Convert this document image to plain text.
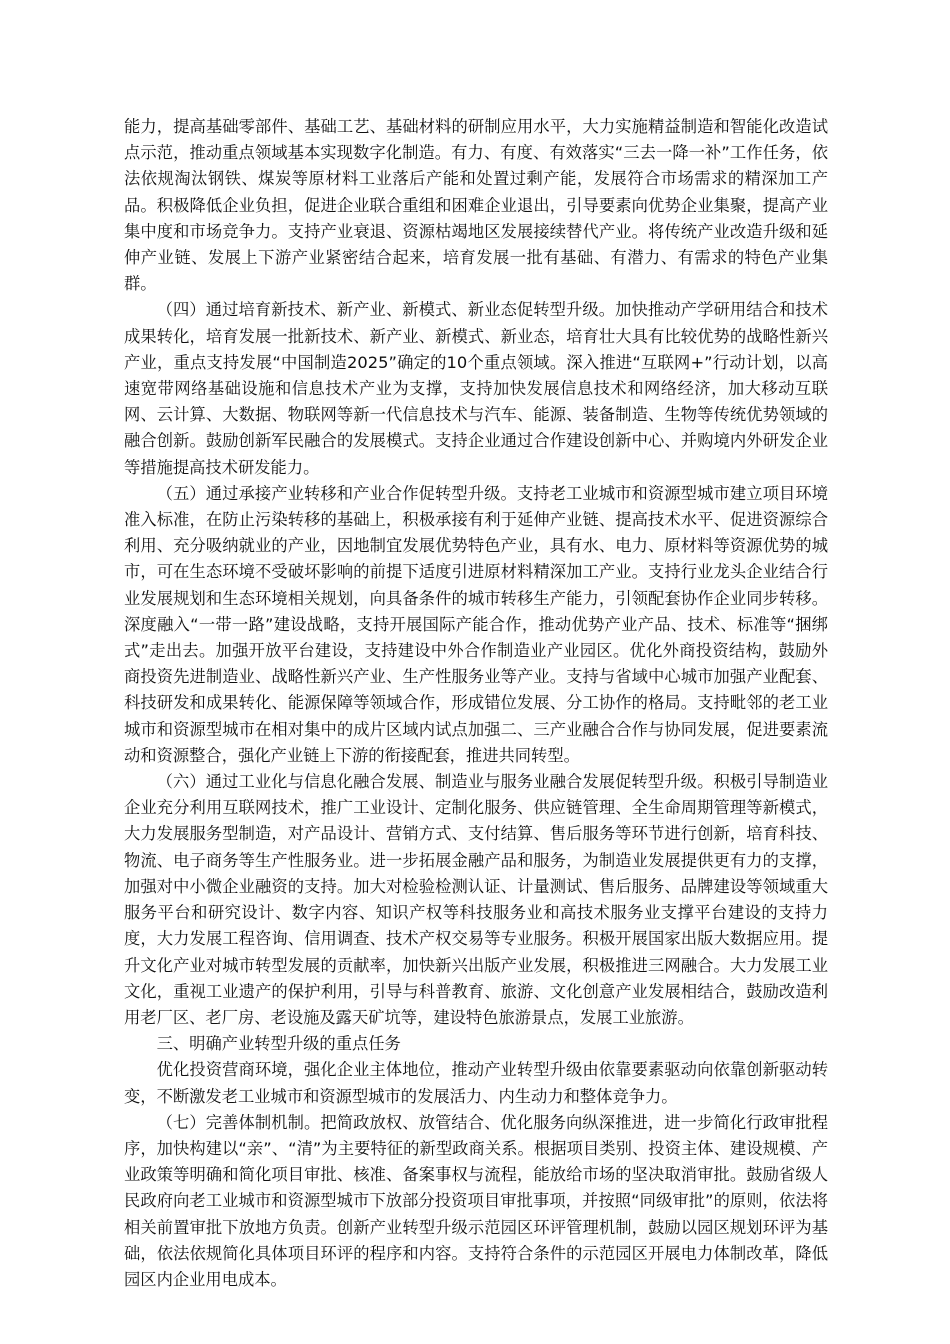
能力，提高基础零部件、基础工艺、基础材料的研制应用水平，大力实施精益制造和智能化改造试点示范，推动重点领域基本实现数字化制造。有力、有度、有效落实“三去一降一补”工作任务，依法依规淘汰钢铁、煤炭等原材料工业落后产能和处置过剩产能，发展符合市场需求的精深加工产品。积极降低企业负担，促进企业联合重组和困难企业退出，引导要素向优势企业集聚，提高产业集中度和市场竞争力。支持产业衰退、资源枯竭地区发展接续替代产业。将传统产业改造升级和延伸产业链、发展上下游产业紧密结合起来，培育发展一批有基础、有潜力、有需求的特色产业集群。

（四）通过培育新技术、新产业、新模式、新业态促转型升级。加快推动产学研用结合和技术成果转化，培育发展一批新技术、新产业、新模式、新业态，培育壮大具有比较优势的战略性新兴产业，重点支持发展“中国制造2025”确定的10个重点领域。深入推进“互联网+”行动计划，以高速宽带网络基础设施和信息技术产业为支撑，支持加快发展信息技术和网络经济，加大移动互联网、云计算、大数据、物联网等新一代信息技术与汽车、能源、装备制造、生物等传统优势领域的融合创新。鼓励创新军民融合的发展模式。支持企业通过合作建设创新中心、并购境内外研发企业等措施提高技术研发能力。

（五）通过承接产业转移和产业合作促转型升级。支持老工业城市和资源型城市建立项目环境准入标准，在防止污染转移的基础上，积极承接有利于延伸产业链、提高技术水平、促进资源综合利用、充分吸纳就业的产业，因地制宜发展优势特色产业，具有水、电力、原材料等资源优势的城市，可在生态环境不受破坏影响的前提下适度引进原材料精深加工产业。支持行业龙头企业结合行业发展规划和生态环境相关规划，向具备条件的城市转移生产能力，引领配套协作企业同步转移。深度融入“一带一路”建设战略，支持开展国际产能合作，推动优势产业产品、技术、标准等“捆绑式”走出去。加强开放平台建设，支持建设中外合作制造业产业园区。优化外商投资结构，鼓励外商投资先进制造业、战略性新兴产业、生产性服务业等产业。支持与省域中心城市加强产业配套、科技研发和成果转化、能源保障等领域合作，形成错位发展、分工协作的格局。支持毗邻的老工业城市和资源型城市在相对集中的成片区域内试点加强二、三产业融合合作与协同发展，促进要素流动和资源整合，强化产业链上下游的衔接配套，推进共同转型。

（六）通过工业化与信息化融合发展、制造业与服务业融合发展促转型升级。积极引导制造业企业充分利用互联网技术，推广工业设计、定制化服务、供应链管理、全生命周期管理等新模式，大力发展服务型制造，对产品设计、营销方式、支付结算、售后服务等环节进行创新，培育科技、物流、电子商务等生产性服务业。进一步拓展金融产品和服务，为制造业发展提供更有力的支撑，加强对中小微企业融资的支持。加大对检验检测认证、计量测试、售后服务、品牌建设等领域重大服务平台和研究设计、数字内容、知识产权等科技服务业和高技术服务业支撑平台建设的支持力度，大力发展工程咨询、信用调查、技术产权交易等专业服务。积极开展国家出版大数据应用。提升文化产业对城市转型发展的贡献率，加快新兴出版产业发展，积极推进三网融合。大力发展工业文化，重视工业遗产的保护利用，引导与科普教育、旅游、文化创意产业发展相结合，鼓励改造利用老厂区、老厂房、老设施及露天矿坑等，建设特色旅游景点，发展工业旅游。

三、明确产业转型升级的重点任务

优化投资营商环境，强化企业主体地位，推动产业转型升级由依靠要素驱动向依靠创新驱动转变，不断激发老工业城市和资源型城市的发展活力、内生动力和整体竞争力。

（七）完善体制机制。把简政放权、放管结合、优化服务向纵深推进，进一步简化行政审批程序，加快构建以“亲”、“清”为主要特征的新型政商关系。根据项目类别、投资主体、建设规模、产业政策等明确和简化项目审批、核准、备案事权与流程，能放给市场的坚决取消审批。鼓励省级人民政府向老工业城市和资源型城市下放部分投资项目审批事项，并按照“同级审批”的原则，依法将相关前置审批下放地方负责。创新产业转型升级示范园区环评管理机制，鼓励以园区规划环评为基础，依法依规简化具体项目环评的程序和内容。支持符合条件的示范园区开展电力体制改革，降低园区内企业用电成本。
